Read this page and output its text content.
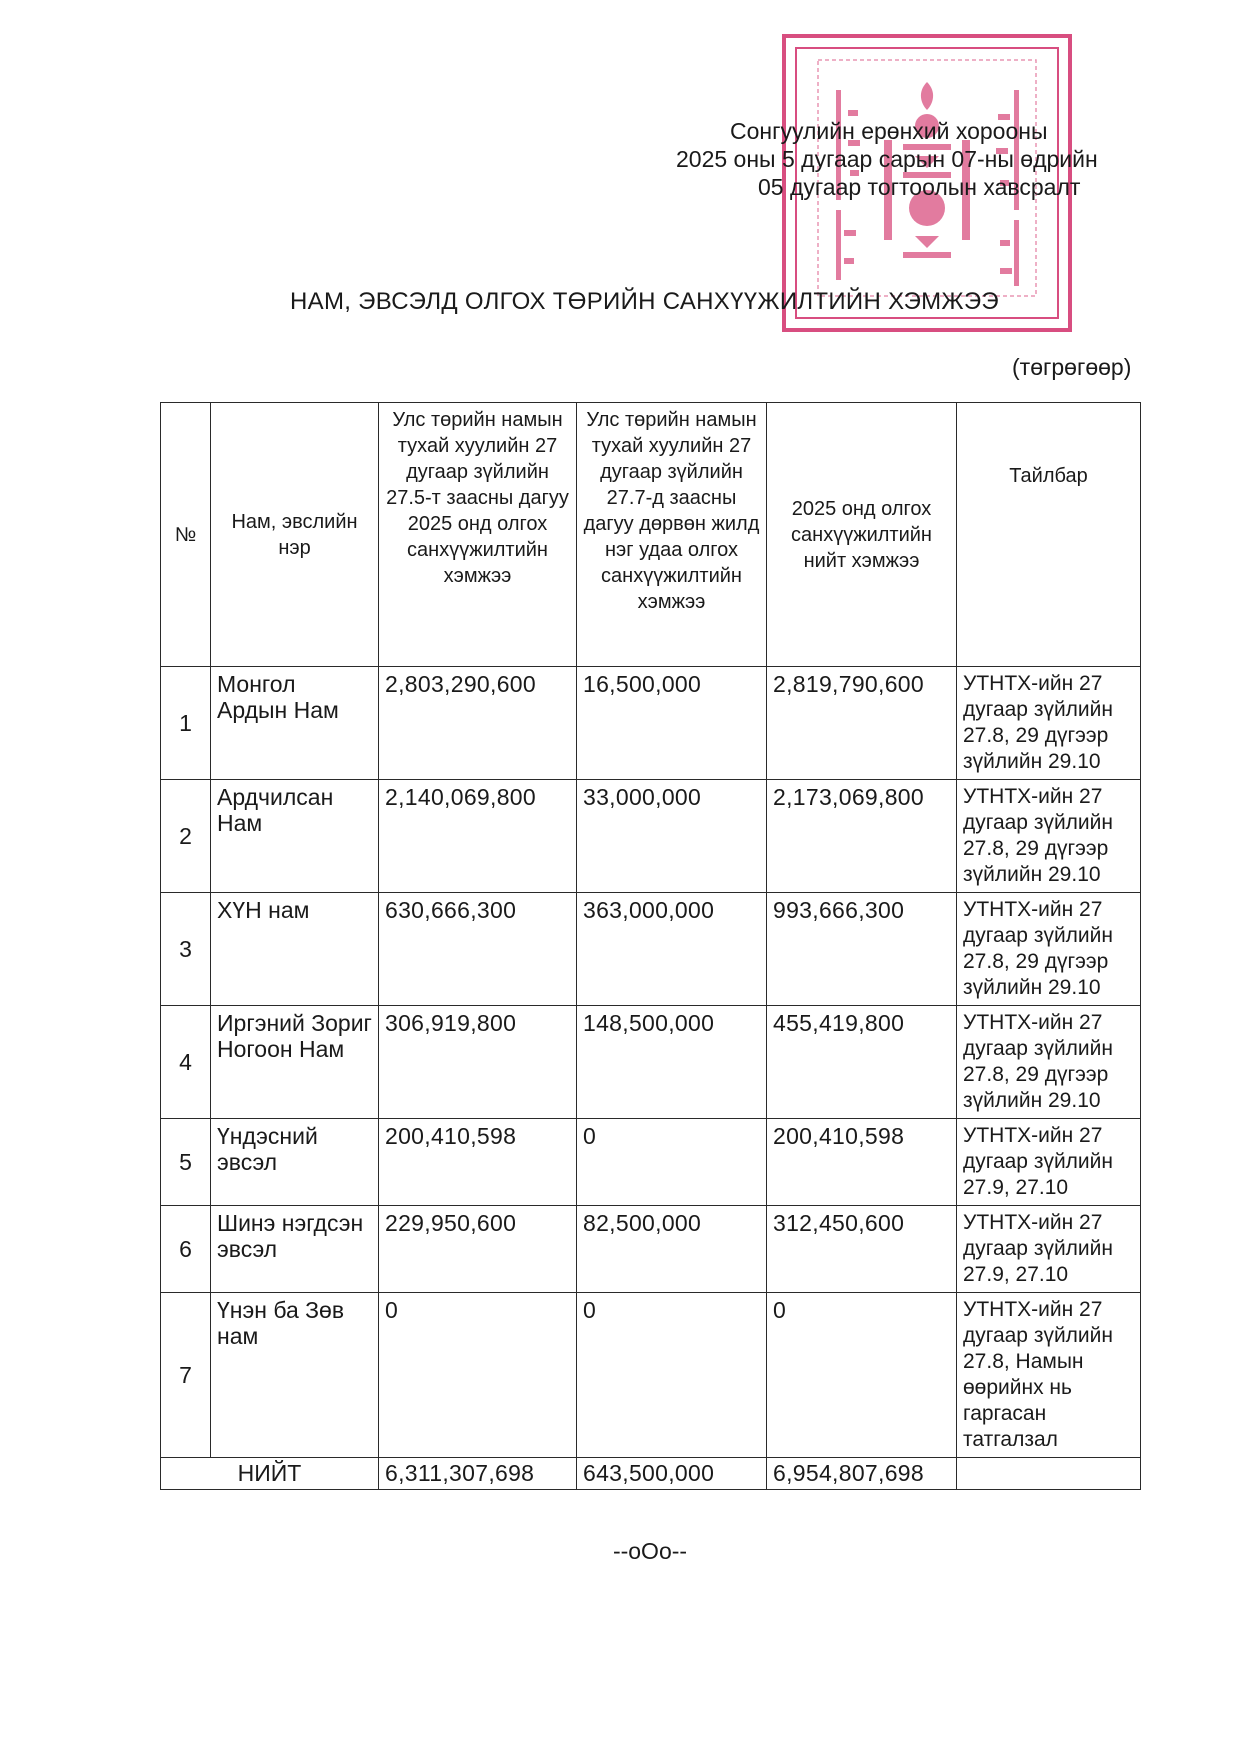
Сонгуулийн ерөнхий хорооны
2025 оны 5 дугаар сарын 07-ны өдрийн
05 дугаар тогтоолын хавсралт
НАМ, ЭВСЭЛД ОЛГОХ ТӨРИЙН САНХҮҮЖИЛТИЙН ХЭМЖЭЭ
(төгрөгөөр)
№	Нам, эвслийн нэр	Улс төрийн намын тухай хуулийн 27 дугаар зүйлийн 27.5-т заасны дагуу 2025 онд олгох санхүүжилтийн хэмжээ	Улс төрийн намын тухай хуулийн 27 дугаар зүйлийн 27.7-д заасны дагуу дөрвөн жилд нэг удаа олгох санхүүжилтийн хэмжээ	2025 онд олгох санхүүжилтийн нийт хэмжээ	Тайлбар
1	Монгол Ардын Нам	2,803,290,600	16,500,000	2,819,790,600	УТНТХ-ийн 27 дугаар зүйлийн 27.8, 29 дүгээр зүйлийн 29.10
2	Ардчилсан Нам	2,140,069,800	33,000,000	2,173,069,800	УТНТХ-ийн 27 дугаар зүйлийн 27.8, 29 дүгээр зүйлийн 29.10
3	ХҮН нам	630,666,300	363,000,000	993,666,300	УТНТХ-ийн 27 дугаар зүйлийн 27.8, 29 дүгээр зүйлийн 29.10
4	Иргэний Зориг Ногоон Нам	306,919,800	148,500,000	455,419,800	УТНТХ-ийн 27 дугаар зүйлийн 27.8, 29 дүгээр зүйлийн 29.10
5	Үндэсний эвсэл	200,410,598	0	200,410,598	УТНТХ-ийн 27 дугаар зүйлийн 27.9, 27.10
6	Шинэ нэгдсэн эвсэл	229,950,600	82,500,000	312,450,600	УТНТХ-ийн 27 дугаар зүйлийн 27.9, 27.10
7	Үнэн ба Зөв нам	0	0	0	УТНТХ-ийн 27 дугаар зүйлийн 27.8, Намын өөрийнх нь гаргасан татгалзал
НИЙТ		6,311,307,698	643,500,000	6,954,807,698	
--oOo--
